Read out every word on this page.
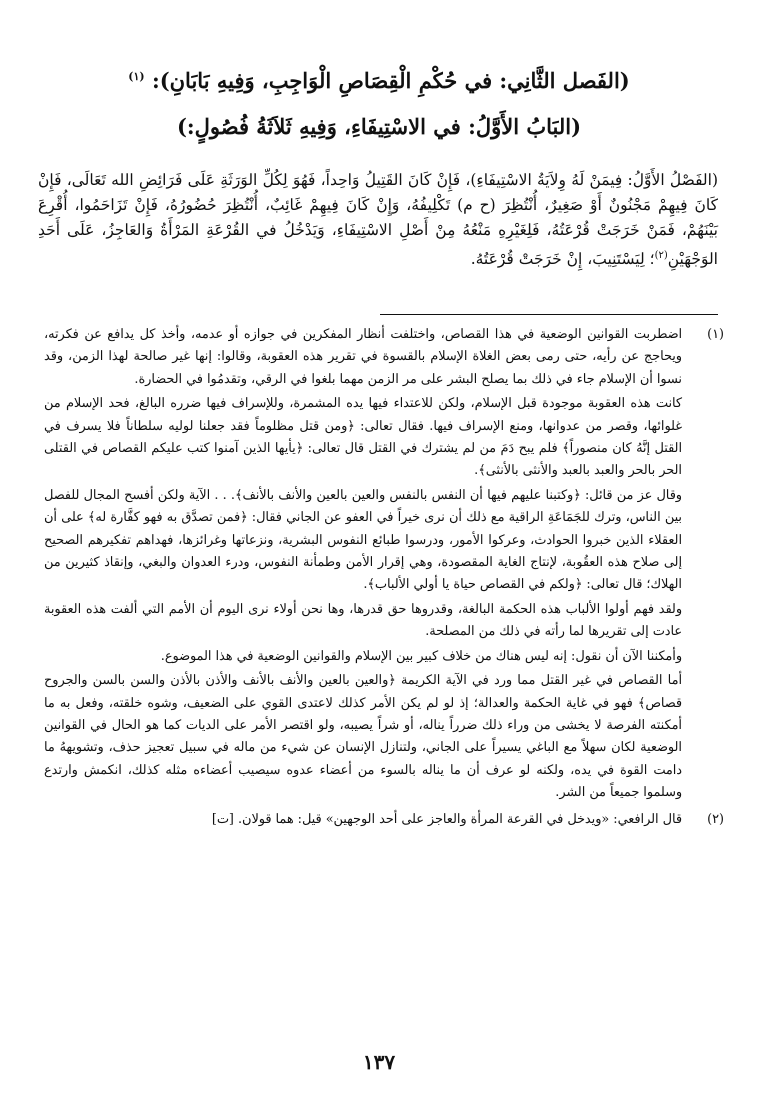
(الفَصل الثَّانِي: في حُكْمِ الْقِصَاصِ الْوَاجِبِ، وَفِيهِ بَابَانِ): $^{(١)}$
(البَابُ الأَوَّلُ: في الاسْتِيفَاءِ، وَفِيهِ ثَلاَثَةُ فُصُولٍ:)
(الفَصْلُ الأَوَّلُ: فِيمَنْ لَهُ وِلاَيَةُ الاسْتِيفَاءِ)، فَإِنْ كَانَ القَتِيلُ وَاحِداً، فَهُوَ لِكُلِّ الوَرَثَةِ عَلَى فَرَائِضِ الله تَعَالَى، فَإِنْ كَانَ فِيهِمْ مَجْنُونٌ أَوْ صَغِيرٌ، أُنْتُظِرَ (ح م) تَكْلِيفُهُ، وَإِنْ كَانَ فِيهِمْ غَائِبٌ، أُنْتُظِرَ حُضُورُهُ، فَإِنْ تَزَاحَمُوا، أُقْرِعَ بَيْنَهُمْ، فَمَنْ خَرَجَتْ قُرْعَتُهُ، فَلِغَيْرِهِ مَنْعُهُ مِنْ أَصْلِ الاسْتِيفَاءِ، وَيَدْخُلُ في القُرْعَةِ المَرْأَةُ وَالعَاجِزُ، عَلَى أَحَدِ الوَجْهَيْنِ$^{(٢)}$؛ لِيَسْتَنِيبَ، إِنْ خَرَجَتْ قُرْعَتُهُ.
(١)

اضطربت القوانين الوضعية في هذا القصاص، واختلفت أنظار المفكرين في جوازه أو عدمه، وأخذ كل يدافع عن فكرته، ويحاجج عن رأيه، حتى رمى بعض الغلاة الإسلام بالقسوة في تقرير هذه العقوبة، وقالوا: إنها غير صالحة لهذا الزمن، وقد نسوا أن الإسلام جاء في ذلك بما يصلح البشر على مر الزمن مهما بلغوا في الرقي، وتقدمُوا في الحضارة.

كانت هذه العقوبة موجودة قبل الإسلام، ولكن للاعتداء فيها يده المشمرة، وللإسراف فيها ضرره البالغ، فحد الإسلام من غلوائها، وقصر من عدوانها، ومنع الإسراف فيها. فقال تعالى: ﴿ومن قتل مظلوماً فقد جعلنا لوليه سلطاناً فلا يسرف في القتل إنَّهُ كان منصوراً﴾ فلم يبح دَمَ من لم يشترك في القتل قال تعالى: ﴿يأيها الذين آمنوا كتب عليكم القصاص في القتلى الحر بالحر والعبد بالعبد والأنثى بالأنثى﴾.

وقال عز من قائل: ﴿وكتبنا عليهم فيها أن النفس بالنفس والعين بالعين والأنف بالأنف﴾. . . الآية ولكن أفسح المجال للفصل بين الناس، وترك للجَمَاعَةِ الراقية مع ذلك أن نرى خيراً في العفو عن الجاني فقال: ﴿فمن تصدَّق به فهو كفَّارة له﴾ على أن العقلاء الذين خبروا الحوادث، وعركوا الأمور، ودرسوا طبائع النفوس البشرية، ونزعاتها وغرائزها، فهداهم تفكيرهم الصحيح إلى صلاح هذه العقُوبة، لإنتاج الغاية المقصودة، وهي إقرار الأمن وطمأنة النفوس، ودرء العدوان والبغي، وإنقاذ كثيرين من الهلاك؛ قال تعالى: ﴿ولكم في القصاص حياة يا أولي الألباب﴾.

ولقد فهم أولوا الألباب هذه الحكمة البالغة، وقدروها حق قدرها، وها نحن أولاء نرى اليوم أن الأمم التي ألفت هذه العقوبة عادت إلى تقريرها لما رأته في ذلك من المصلحة.

وأمكننا الآن أن نقول: إنه ليس هناك من خلاف كبير بين الإسلام والقوانين الوضعية في هذا الموضوع.

أما القصاص في غير القتل مما ورد في الآية الكريمة ﴿والعين بالعين والأنف بالأنف والأذن بالأذن والسن بالسن والجروح قصاص﴾ فهو في غاية الحكمة والعدالة؛ إذ لو لم يكن الأمر كذلك لاعتدى القوي على الضعيف، وشوه خلقته، وفعل به ما أمكنته الفرصة لا يخشى من وراء ذلك ضرراً يناله، أو شراً يصيبه، ولو اقتصر الأمر على الديات كما هو الحال في القوانين الوضعية لكان سهلاً مع الباغي يسيراً على الجاني، ولتنازل الإنسان عن شيء من ماله في سبيل تعجيز حذف، وتشويههُ ما دامت القوة في يده، ولكنه لو عرف أن ما يناله بالسوء من أعضاء عدوه سيصيب أعضاءه مثله كذلك، انكمش وارتدع وسلموا جميعاً من الشر.

(٢)

قال الرافعي: «ويدخل في القرعة المرأة والعاجز على أحد الوجهين» قيل: هما قولان. [ت]

١٣٧
